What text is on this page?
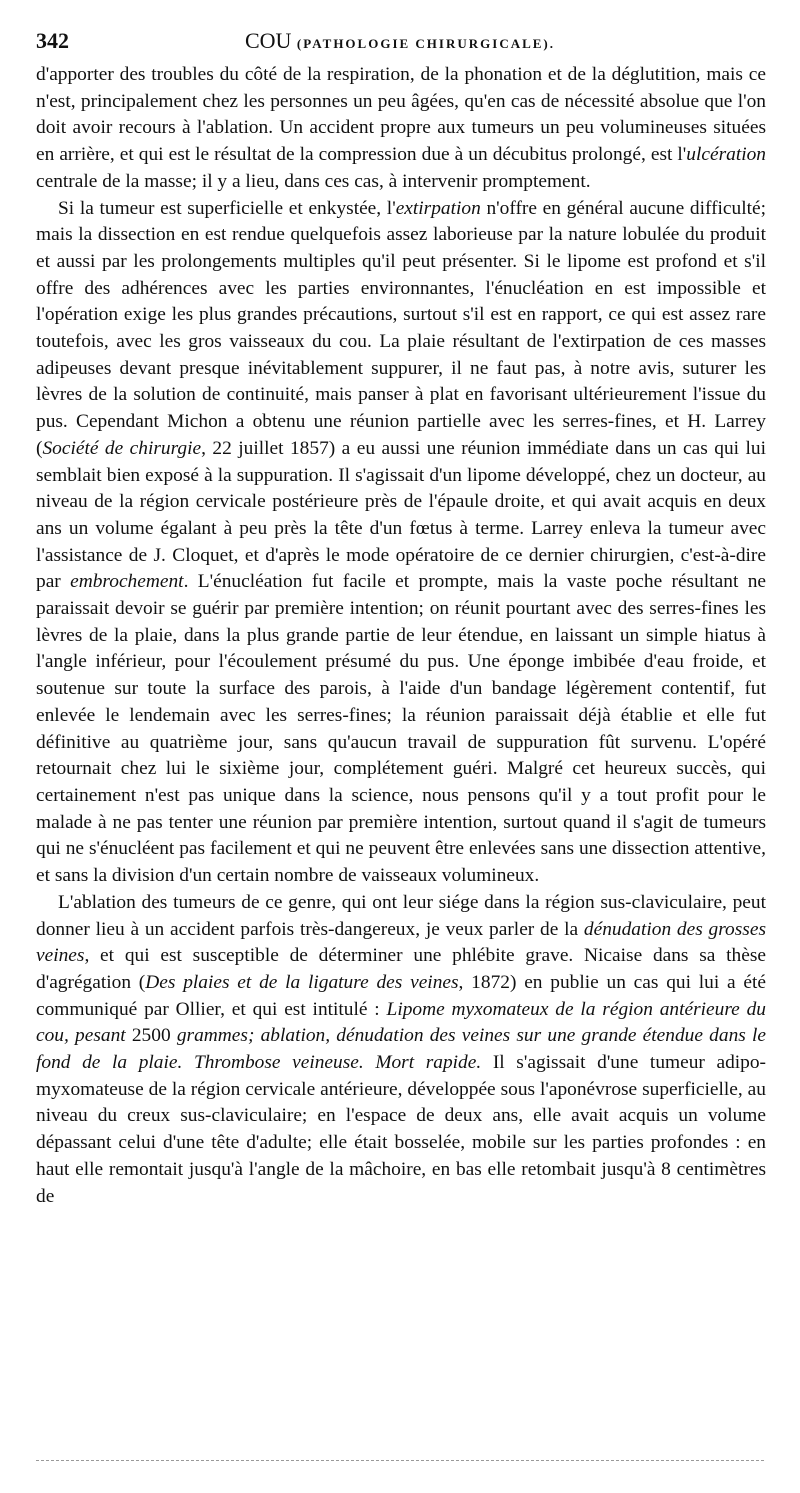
342	COU (PATHOLOGIE CHIRURGICALE).

d'apporter des troubles du côté de la respiration, de la phonation et de la déglutition, mais ce n'est, principalement chez les personnes un peu âgées, qu'en cas de nécessité absolue que l'on doit avoir recours à l'ablation. Un accident propre aux tumeurs un peu volumineuses situées en arrière, et qui est le résultat de la compression due à un décubitus prolongé, est l'ulcération centrale de la masse; il y a lieu, dans ces cas, à intervenir promptement.

Si la tumeur est superficielle et enkystée, l'extirpation n'offre en général aucune difficulté; mais la dissection en est rendue quelquefois assez laborieuse par la nature lobulée du produit et aussi par les prolongements multiples qu'il peut présenter. Si le lipome est profond et s'il offre des adhérences avec les parties environnantes, l'énucléation en est impossible et l'opération exige les plus grandes précautions, surtout s'il est en rapport, ce qui est assez rare toutefois, avec les gros vaisseaux du cou. La plaie résultant de l'extirpation de ces masses adipeuses devant presque inévitablement suppurer, il ne faut pas, à notre avis, suturer les lèvres de la solution de continuité, mais panser à plat en favorisant ultérieurement l'issue du pus. Cependant Michon a obtenu une réunion partielle avec les serres-fines, et H. Larrey (Société de chirurgie, 22 juillet 1857) a eu aussi une réunion immédiate dans un cas qui lui semblait bien exposé à la suppuration. Il s'agissait d'un lipome développé, chez un docteur, au niveau de la région cervicale postérieure près de l'épaule droite, et qui avait acquis en deux ans un volume égalant à peu près la tête d'un fœtus à terme. Larrey enleva la tumeur avec l'assistance de J. Cloquet, et d'après le mode opératoire de ce dernier chirurgien, c'est-à-dire par embrochement. L'énucléation fut facile et prompte, mais la vaste poche résultant ne paraissait devoir se guérir par première intention; on réunit pourtant avec des serres-fines les lèvres de la plaie, dans la plus grande partie de leur étendue, en laissant un simple hiatus à l'angle inférieur, pour l'écoulement présumé du pus. Une éponge imbibée d'eau froide, et soutenue sur toute la surface des parois, à l'aide d'un bandage légèrement contentif, fut enlevée le lendemain avec les serres-fines; la réunion paraissait déjà établie et elle fut définitive au quatrième jour, sans qu'aucun travail de suppuration fût survenu. L'opéré retournait chez lui le sixième jour, complétement guéri. Malgré cet heureux succès, qui certainement n'est pas unique dans la science, nous pensons qu'il y a tout profit pour le malade à ne pas tenter une réunion par première intention, surtout quand il s'agit de tumeurs qui ne s'énucléent pas facilement et qui ne peuvent être enlevées sans une dissection attentive, et sans la division d'un certain nombre de vaisseaux volumineux.

L'ablation des tumeurs de ce genre, qui ont leur siége dans la région sus-claviculaire, peut donner lieu à un accident parfois très-dangereux, je veux parler de la dénudation des grosses veines, et qui est susceptible de déterminer une phlébite grave. Nicaise dans sa thèse d'agrégation (Des plaies et de la ligature des veines, 1872) en publie un cas qui lui a été communiqué par Ollier, et qui est intitulé : Lipome myxomateux de la région antérieure du cou, pesant 2500 grammes; ablation, dénudation des veines sur une grande étendue dans le fond de la plaie. Thrombose veineuse. Mort rapide. Il s'agissait d'une tumeur adipo-myxomateuse de la région cervicale antérieure, développée sous l'aponévrose superficielle, au niveau du creux sus-claviculaire; en l'espace de deux ans, elle avait acquis un volume dépassant celui d'une tête d'adulte; elle était bosselée, mobile sur les parties profondes : en haut elle remontait jusqu'à l'angle de la mâchoire, en bas elle retombait jusqu'à 8 centimètres de
